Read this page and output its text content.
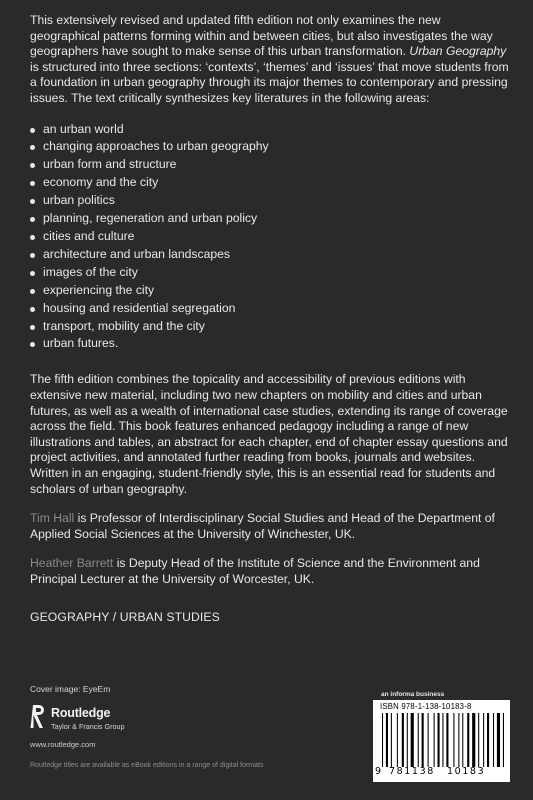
This extensively revised and updated fifth edition not only examines the new geographical patterns forming within and between cities, but also investigates the way geographers have sought to make sense of this urban transformation. Urban Geography is structured into three sections: ‘contexts’, ‘themes’ and ‘issues’ that move students from a foundation in urban geography through its major themes to contemporary and pressing issues. The text critically synthesizes key literatures in the following areas:

an urban world
changing approaches to urban geography
urban form and structure
economy and the city
urban politics
planning, regeneration and urban policy
cities and culture
architecture and urban landscapes
images of the city
experiencing the city
housing and residential segregation
transport, mobility and the city
urban futures.

The fifth edition combines the topicality and accessibility of previous editions with extensive new material, including two new chapters on mobility and cities and urban futures, as well as a wealth of international case studies, extending its range of coverage across the field. This book features enhanced pedagogy including a range of new illustrations and tables, an abstract for each chapter, end of chapter essay questions and project activities, and annotated further reading from books, journals and websites. Written in an engaging, student-friendly style, this is an essential read for students and scholars of urban geography.

Tim Hall is Professor of Interdisciplinary Social Studies and Head of the Department of Applied Social Sciences at the University of Winchester, UK.

Heather Barrett is Deputy Head of the Institute of Science and the Environment and Principal Lecturer at the University of Worcester, UK.

GEOGRAPHY / URBAN STUDIES

Cover image: EyeEm
Routledge
Taylor & Francis Group
www.routledge.com
Routledge titles are available as eBook editions in a range of digital formats
an informa business
ISBN 978-1-138-10183-8
9 781138 10183
